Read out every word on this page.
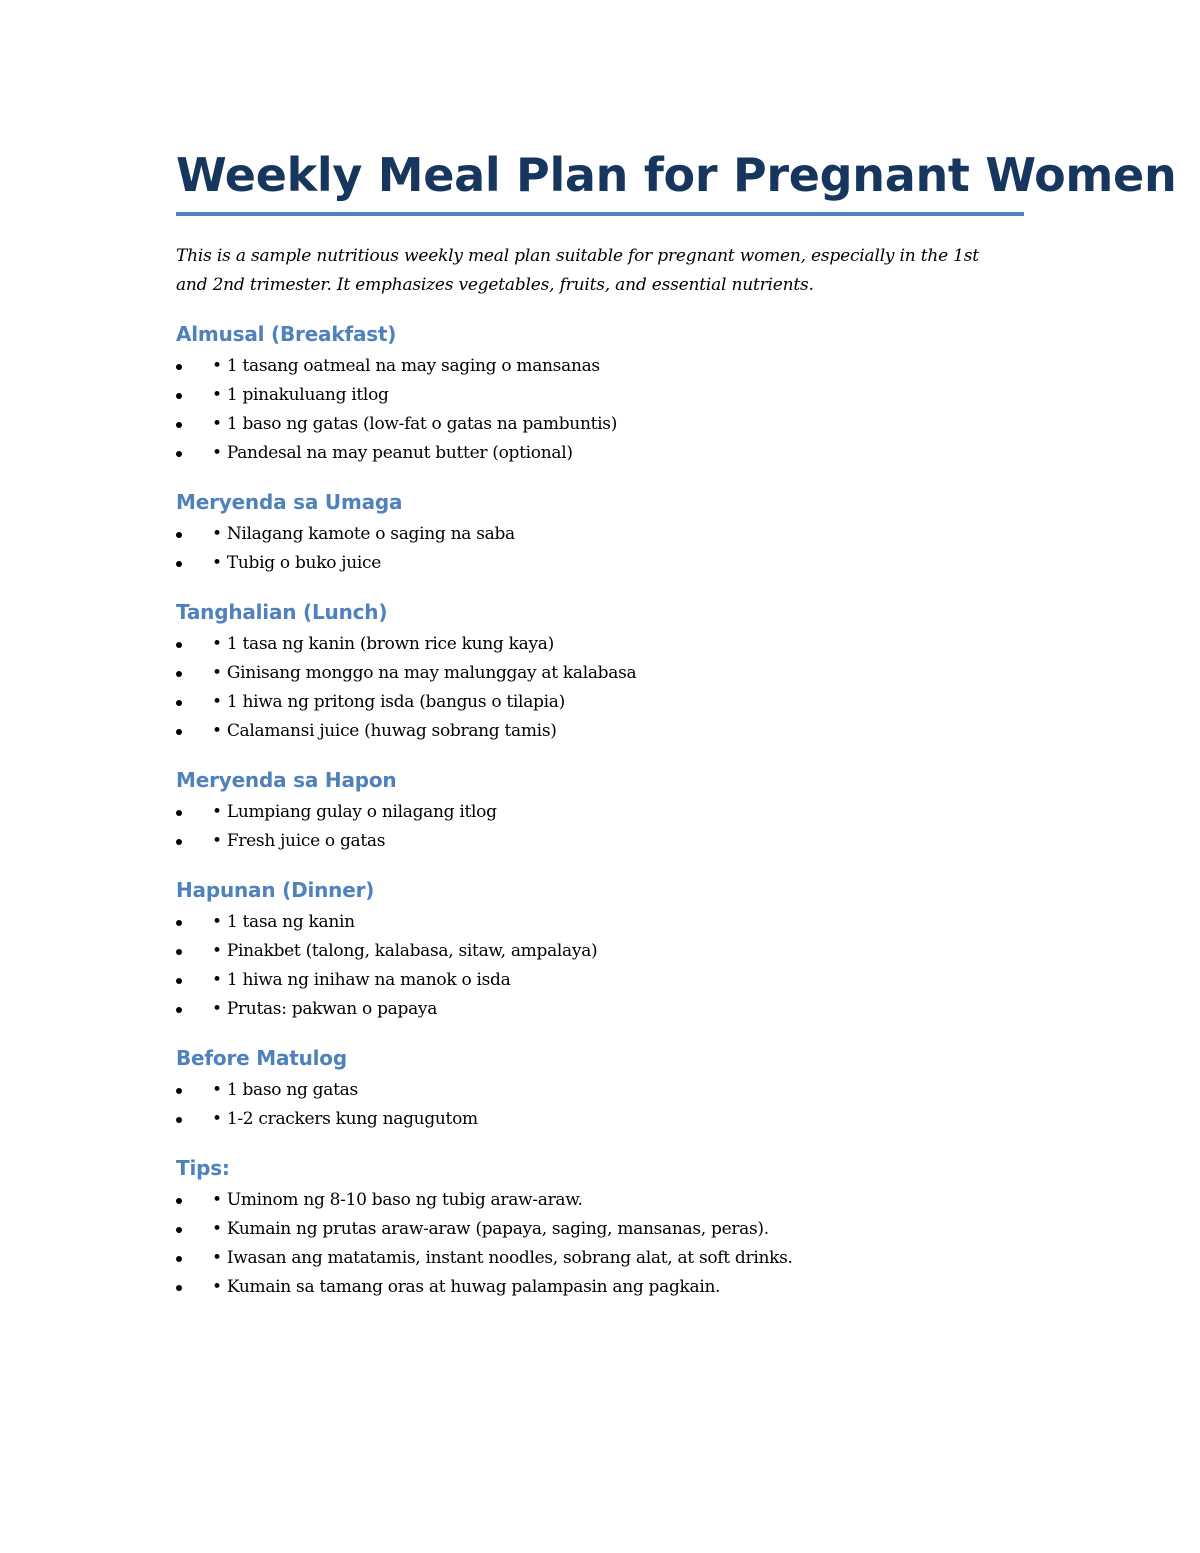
Weekly Meal Plan for Pregnant Women

This is a sample nutritious weekly meal plan suitable for pregnant women, especially in the 1st
and 2nd trimester. It emphasizes vegetables, fruits, and essential nutrients.

Almusal (Breakfast)
• 1 tasang oatmeal na may saging o mansanas
• 1 pinakuluang itlog
• 1 baso ng gatas (low-fat o gatas na pambuntis)
• Pandesal na may peanut butter (optional)
Meryenda sa Umaga
• Nilagang kamote o saging na saba
• Tubig o buko juice
Tanghalian (Lunch)
• 1 tasa ng kanin (brown rice kung kaya)
• Ginisang monggo na may malunggay at kalabasa
• 1 hiwa ng pritong isda (bangus o tilapia)
• Calamansi juice (huwag sobrang tamis)
Meryenda sa Hapon
• Lumpiang gulay o nilagang itlog
• Fresh juice o gatas
Hapunan (Dinner)
• 1 tasa ng kanin
• Pinakbet (talong, kalabasa, sitaw, ampalaya)
• 1 hiwa ng inihaw na manok o isda
• Prutas: pakwan o papaya
Before Matulog
• 1 baso ng gatas
• 1-2 crackers kung nagugutom
Tips:
• Uminom ng 8-10 baso ng tubig araw-araw.
• Kumain ng prutas araw-araw (papaya, saging, mansanas, peras).
• Iwasan ang matatamis, instant noodles, sobrang alat, at soft drinks.
• Kumain sa tamang oras at huwag palampasin ang pagkain.
